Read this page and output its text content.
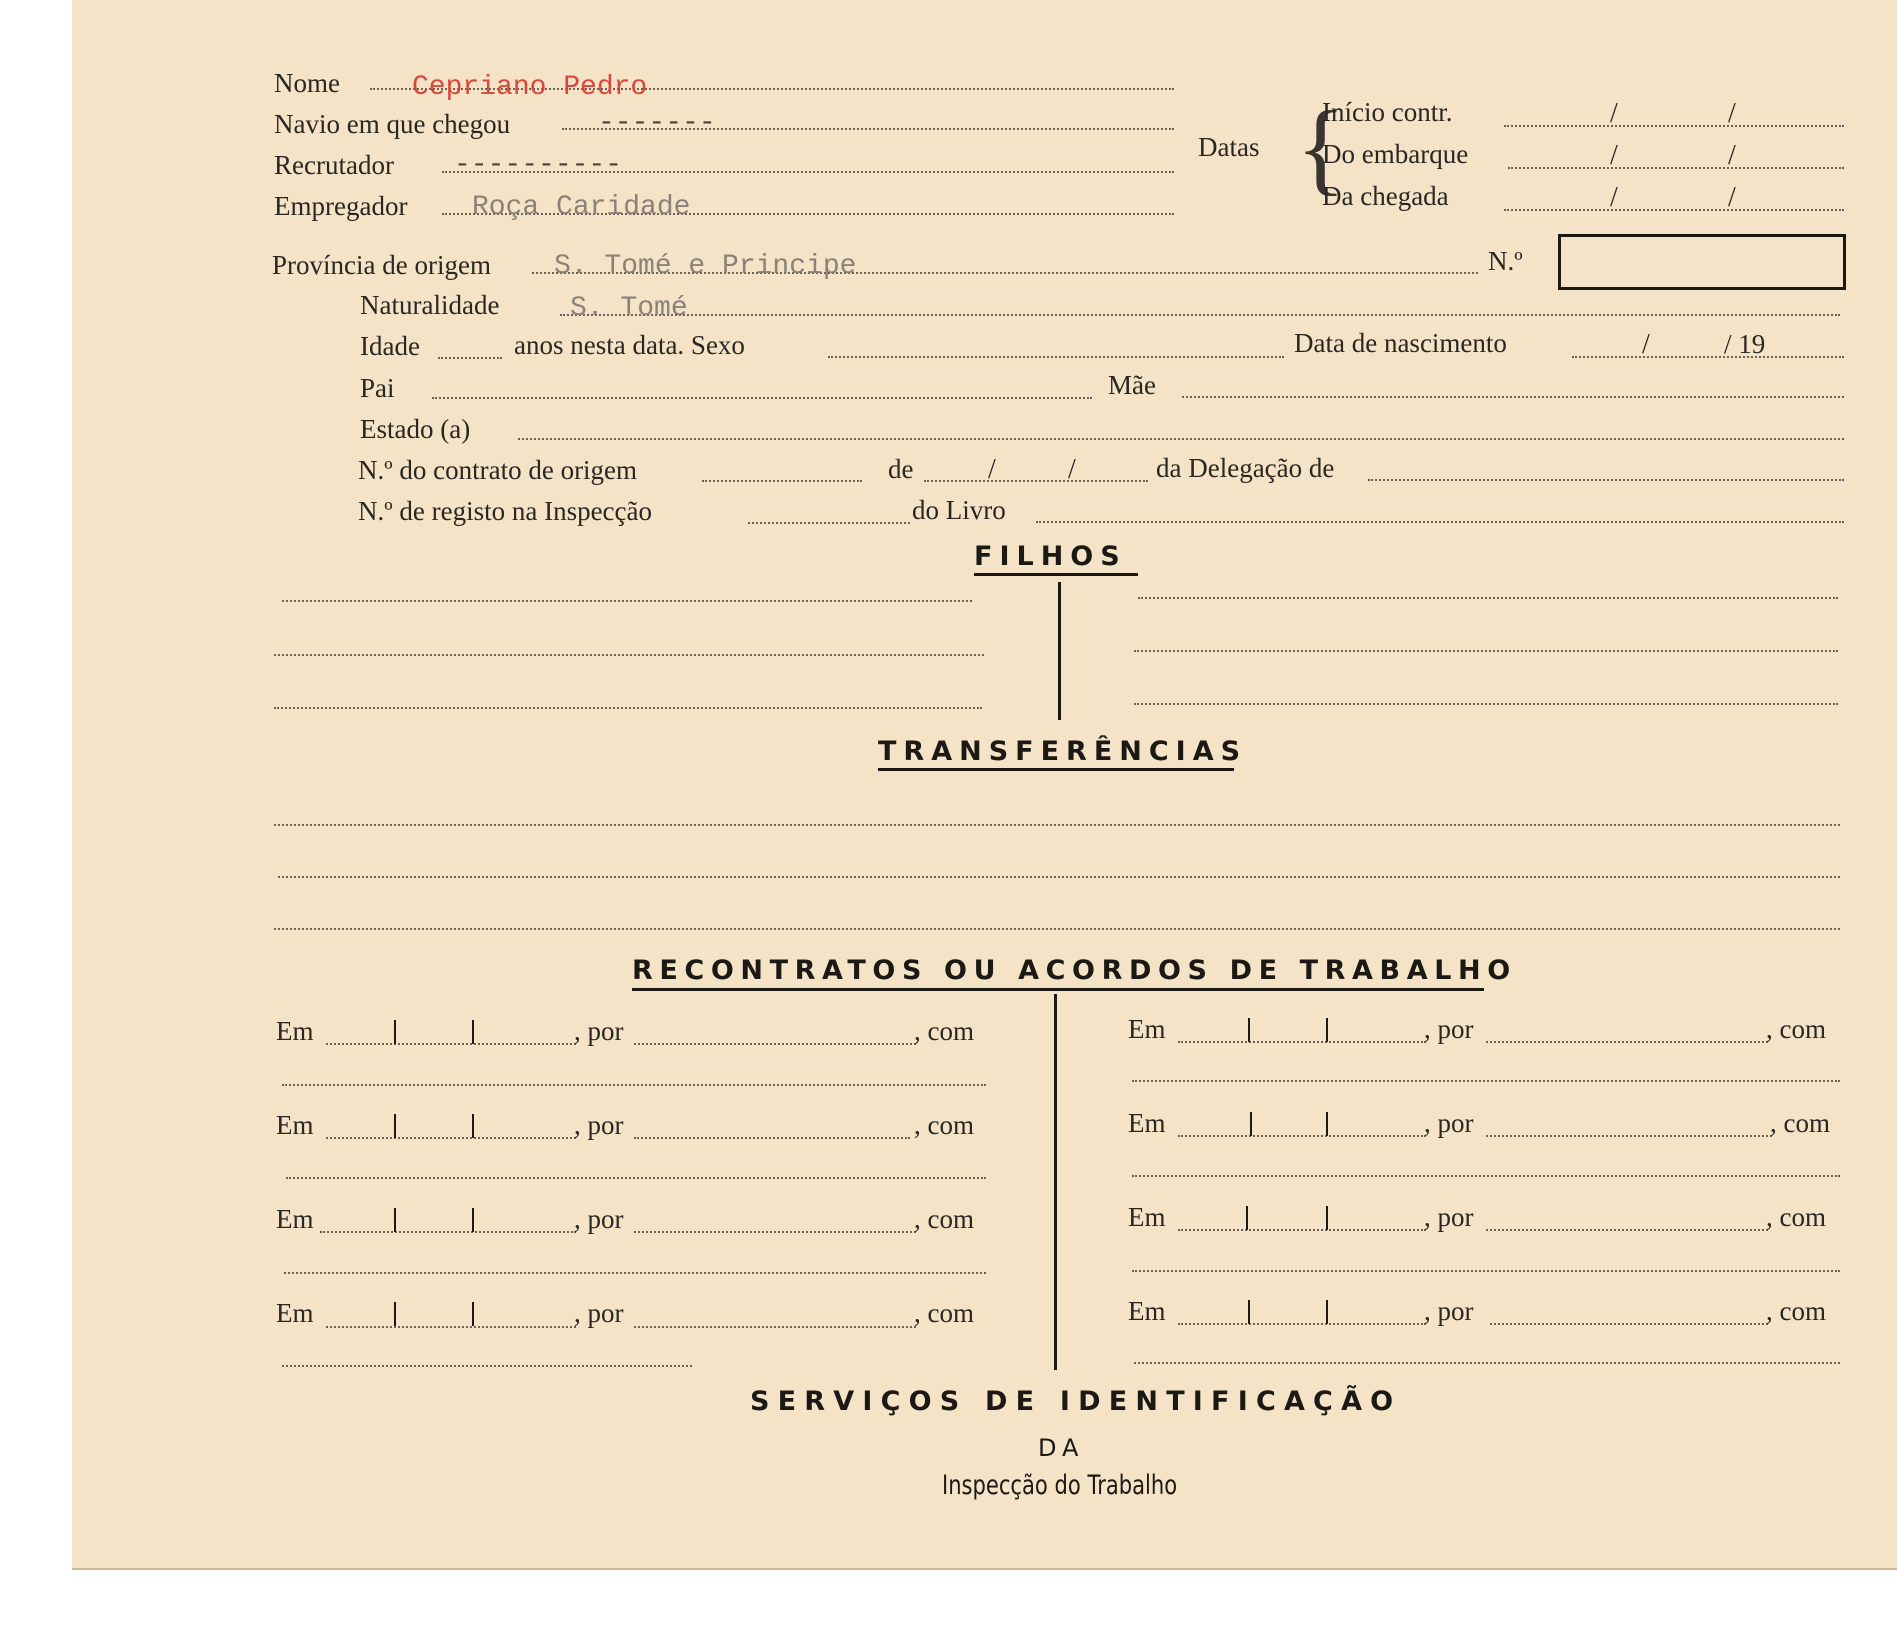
Nome	Cepriano Pedro
Navio em que chegou	-------
Recrutador ----------
Empregador Roça Caridade
Datas {
Início contr.	/	/
Do embarque	/	/
Da chegada	/	/
Província de origem S. Tomé e Principe	N.º
Naturalidade	S. Tomé
Idade	anos nesta data. Sexo	Data de nascimento	/	/ 19
Pai	Mãe
Estado (a)
N.º do contrato de origem	de	/	/	da Delegação de
N.º de registo na Inspecção	do Livro
FILHOS
TRANSFERÊNCIAS
RECONTRATOS OU ACORDOS DE TRABALHO
Em	, por	, com
Em	, por	, com
Em	, por	, com
Em	, por	, com
Em	, por	, com
Em	, por	, com
Em	, por	, com
Em	, por	, com
SERVIÇOS DE IDENTIFICAÇÃO
DA
Inspecção do Trabalho
